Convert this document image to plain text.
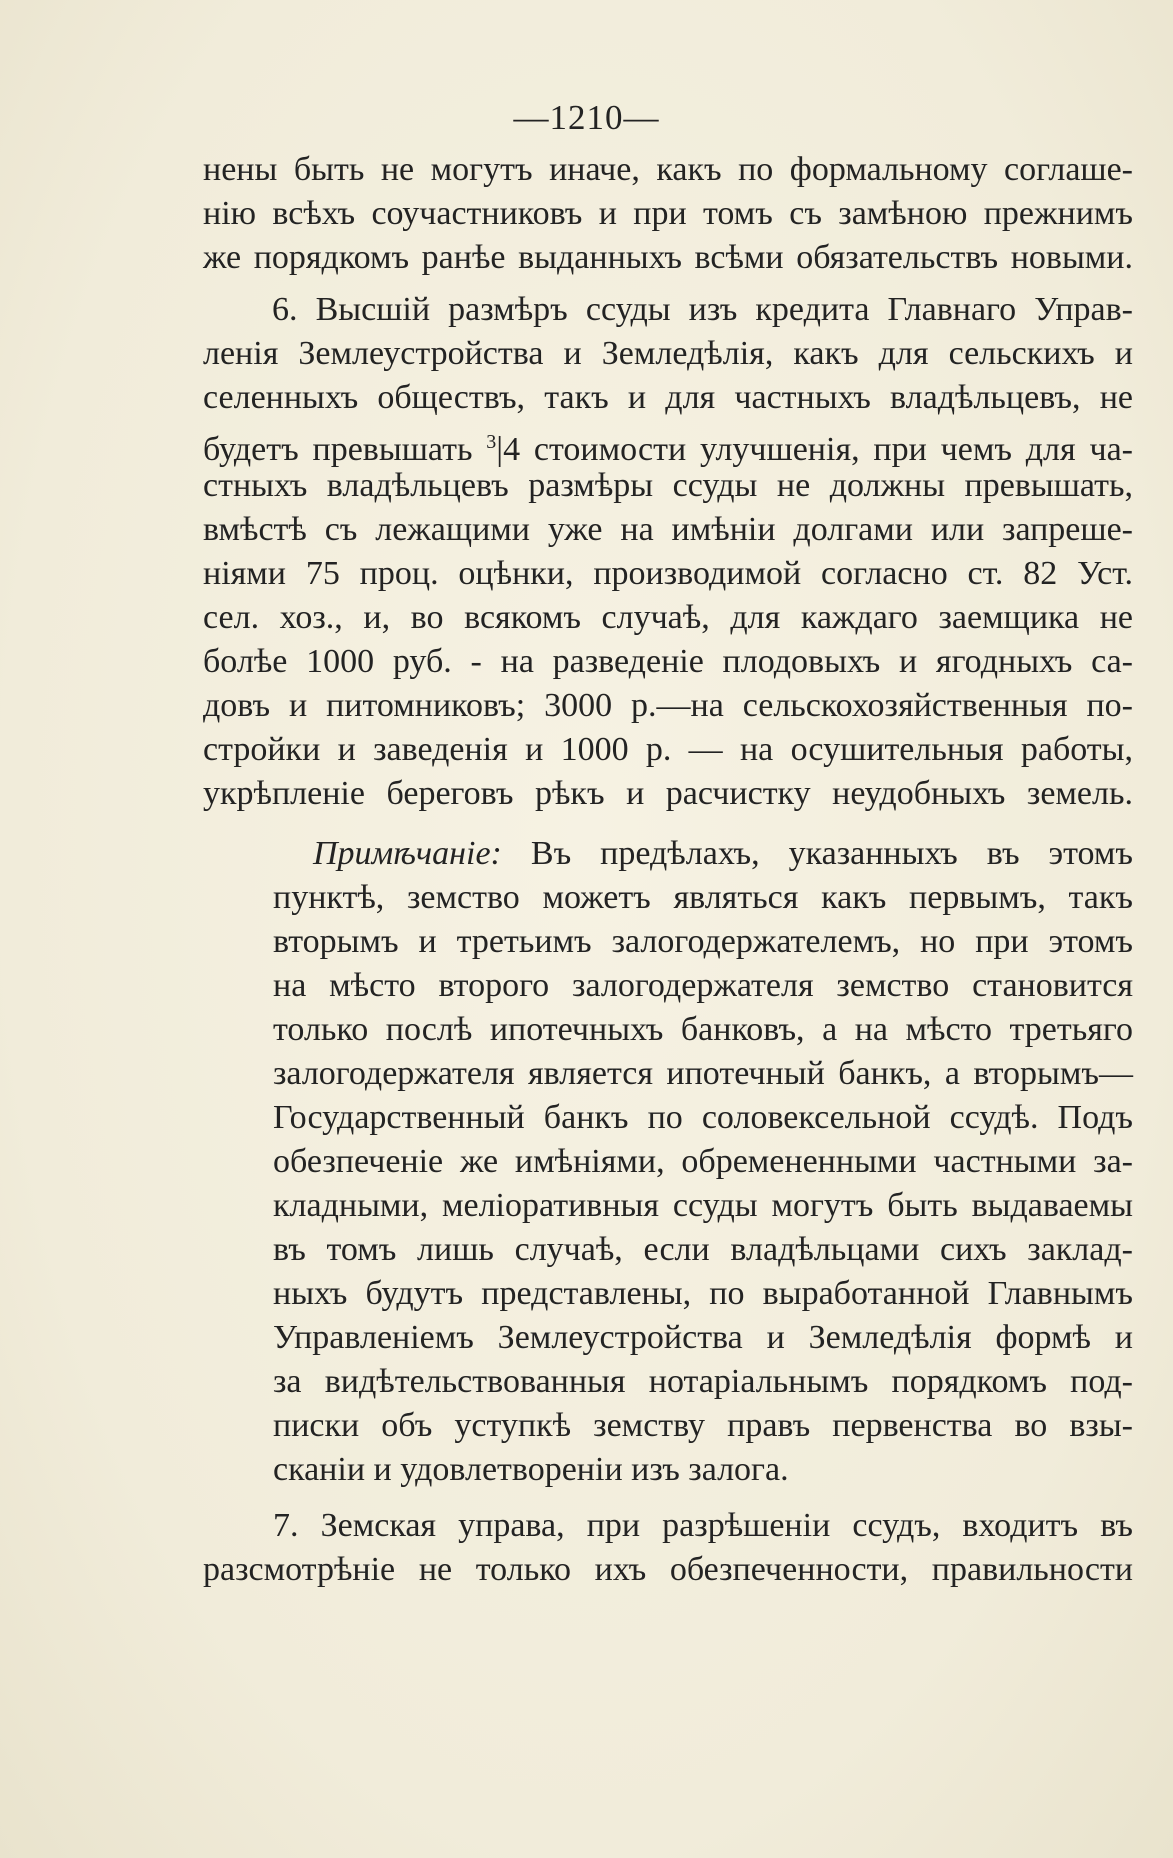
—1210—
нены быть не могутъ иначе, какъ по формальному соглаше-
нію всѣхъ соучастниковъ и при томъ съ замѣною прежнимъ
же порядкомъ ранѣе выданныхъ всѣми обязательствъ новыми.
6. Высшій размѣръ ссуды изъ кредита Главнаго Управ-
ленія Землеустройства и Земледѣлія, какъ для сельскихъ и
селенныхъ обществъ, такъ и для частныхъ владѣльцевъ, не
будетъ превышать $^3$|4 стоимости улучшенія, при чемъ для ча-
стныхъ владѣльцевъ размѣры ссуды не должны превышать,
вмѣстѣ съ лежащими уже на имѣніи долгами или запреше-
ніями 75 проц. оцѣнки, производимой согласно ст. 82 Уст.
сел. хоз., и, во всякомъ случаѣ, для каждаго заемщика не
болѣе 1000 руб. - на разведеніе плодовыхъ и ягодныхъ са-
довъ и питомниковъ; 3000 р.—на сельскохозяйственныя по-
стройки и заведенія и 1000 р. — на осушительныя работы,
укрѣпленіе береговъ рѣкъ и расчистку неудобныхъ земель.
Примѣчаніе: Въ предѣлахъ, указанныхъ въ этомъ
пунктѣ, земство можетъ являться какъ первымъ, такъ
вторымъ и третьимъ залогодержателемъ, но при этомъ
на мѣсто второго залогодержателя земство становится
только послѣ ипотечныхъ банковъ, а на мѣсто третьяго
залогодержателя является ипотечный банкъ, а вторымъ—
Государственный банкъ по соловексельной ссудѣ. Подъ
обезпеченіе же имѣніями, обремененными частными за-
кладными, меліоративныя ссуды могутъ быть выдаваемы
въ томъ лишь случаѣ, если владѣльцами сихъ заклад-
ныхъ будутъ представлены, по выработанной Главнымъ
Управленіемъ Землеустройства и Земледѣлія формѣ и
за видѣтельствованныя нотаріальнымъ порядкомъ под-
писки объ уступкѣ земству правъ первенства во взы-
сканіи и удовлетвореніи изъ залога.
7. Земская управа, при разрѣшеніи ссудъ, входитъ въ
разсмотрѣніе не только ихъ обезпеченности, правильности
